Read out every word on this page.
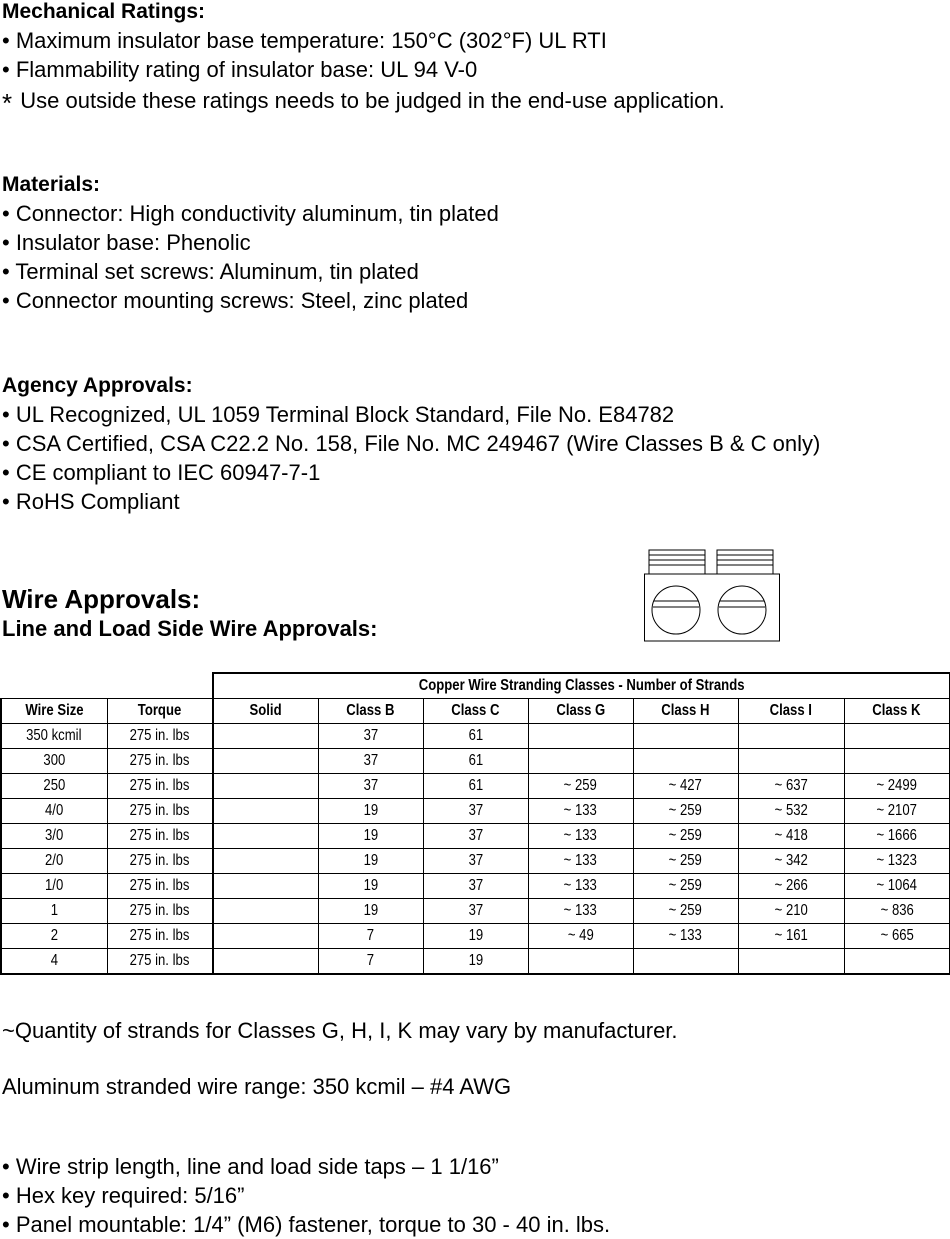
Mechanical Ratings:
• Maximum insulator base temperature: 150°C (302°F) UL RTI
• Flammability rating of insulator base: UL 94 V-0
* Use outside these ratings needs to be judged in the end-use application.
Materials:
• Connector: High conductivity aluminum, tin plated
• Insulator base: Phenolic
• Terminal set screws: Aluminum, tin plated
• Connector mounting screws: Steel, zinc plated
Agency Approvals:
• UL Recognized, UL 1059 Terminal Block Standard, File No. E84782
• CSA Certified, CSA C22.2 No. 158, File No. MC 249467 (Wire Classes B & C only)
• CE compliant to IEC 60947-7-1
• RoHS Compliant
Wire Approvals:
Line and Load Side Wire Approvals:
		Copper Wire Stranding Classes - Number of Strands						
Wire Size	Torque	Solid	Class B	Class C	Class G	Class H	Class I	Class K
350 kcmil	275 in. lbs		37	61				
300	275 in. lbs		37	61				
250	275 in. lbs		37	61	~ 259	~ 427	~ 637	~ 2499
4/0	275 in. lbs		19	37	~ 133	~ 259	~ 532	~ 2107
3/0	275 in. lbs		19	37	~ 133	~ 259	~ 418	~ 1666
2/0	275 in. lbs		19	37	~ 133	~ 259	~ 342	~ 1323
1/0	275 in. lbs		19	37	~ 133	~ 259	~ 266	~ 1064
1	275 in. lbs		19	37	~ 133	~ 259	~ 210	~ 836
2	275 in. lbs		7	19	~ 49	~ 133	~ 161	~ 665
4	275 in. lbs		7	19				
~Quantity of strands for Classes G, H, I, K may vary by manufacturer.
Aluminum stranded wire range: 350 kcmil – #4 AWG
• Wire strip length, line and load side taps – 1 1/16”
• Hex key required: 5/16”
• Panel mountable: 1/4” (M6) fastener, torque to 30 - 40 in. lbs.
